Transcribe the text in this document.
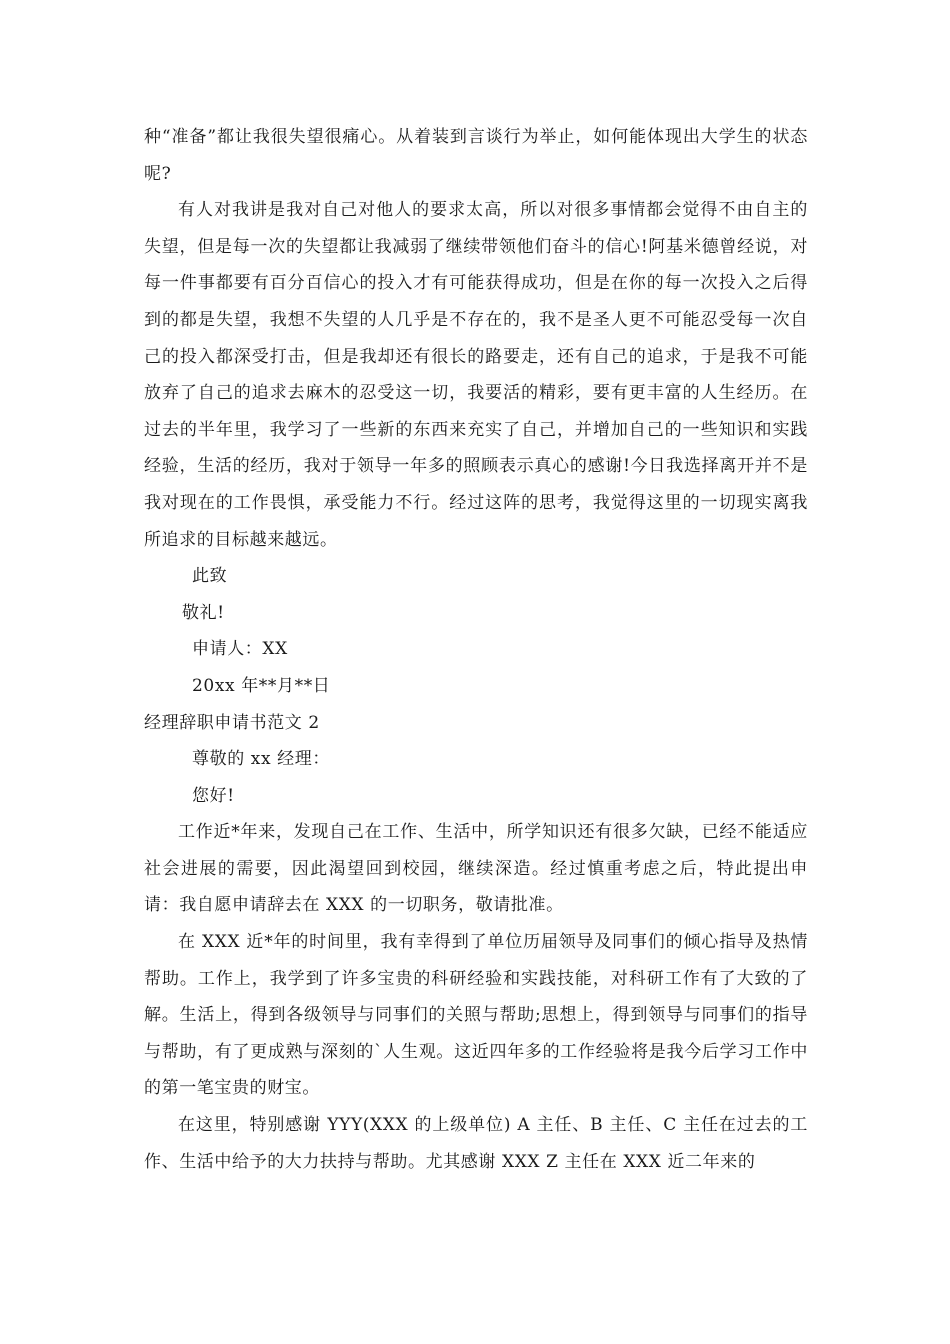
种“准备”都让我很失望很痛心。从着装到言谈行为举止，如何能体现出大学生的状态呢?

有人对我讲是我对自己对他人的要求太高，所以对很多事情都会觉得不由自主的失望，但是每一次的失望都让我减弱了继续带领他们奋斗的信心!阿基米德曾经说，对每一件事都要有百分百信心的投入才有可能获得成功，但是在你的每一次投入之后得到的都是失望，我想不失望的人几乎是不存在的，我不是圣人更不可能忍受每一次自己的投入都深受打击，但是我却还有很长的路要走，还有自己的追求，于是我不可能放弃了自己的追求去麻木的忍受这一切，我要活的精彩，要有更丰富的人生经历。在过去的半年里，我学习了一些新的东西来充实了自己，并增加自己的一些知识和实践经验，生活的经历，我对于领导一年多的照顾表示真心的感谢!今日我选择离开并不是我对现在的工作畏惧，承受能力不行。经过这阵的思考，我觉得这里的一切现实离我所追求的目标越来越远。

此致
敬礼!
申请人：XX
20xx 年**月**日
经理辞职申请书范文 2
尊敬的 xx 经理：
您好!

工作近*年来，发现自己在工作、生活中，所学知识还有很多欠缺，已经不能适应社会进展的需要，因此渴望回到校园，继续深造。经过慎重考虑之后，特此提出申请：我自愿申请辞去在 XXX 的一切职务，敬请批准。

在 XXX 近*年的时间里，我有幸得到了单位历届领导及同事们的倾心指导及热情帮助。工作上，我学到了许多宝贵的科研经验和实践技能，对科研工作有了大致的了解。生活上，得到各级领导与同事们的关照与帮助;思想上，得到领导与同事们的指导与帮助，有了更成熟与深刻的`人生观。这近四年多的工作经验将是我今后学习工作中的第一笔宝贵的财宝。

在这里，特别感谢 YYY(XXX 的上级单位) A 主任、B 主任、C 主任在过去的工作、生活中给予的大力扶持与帮助。尤其感谢 XXX Z 主任在 XXX 近二年来的
